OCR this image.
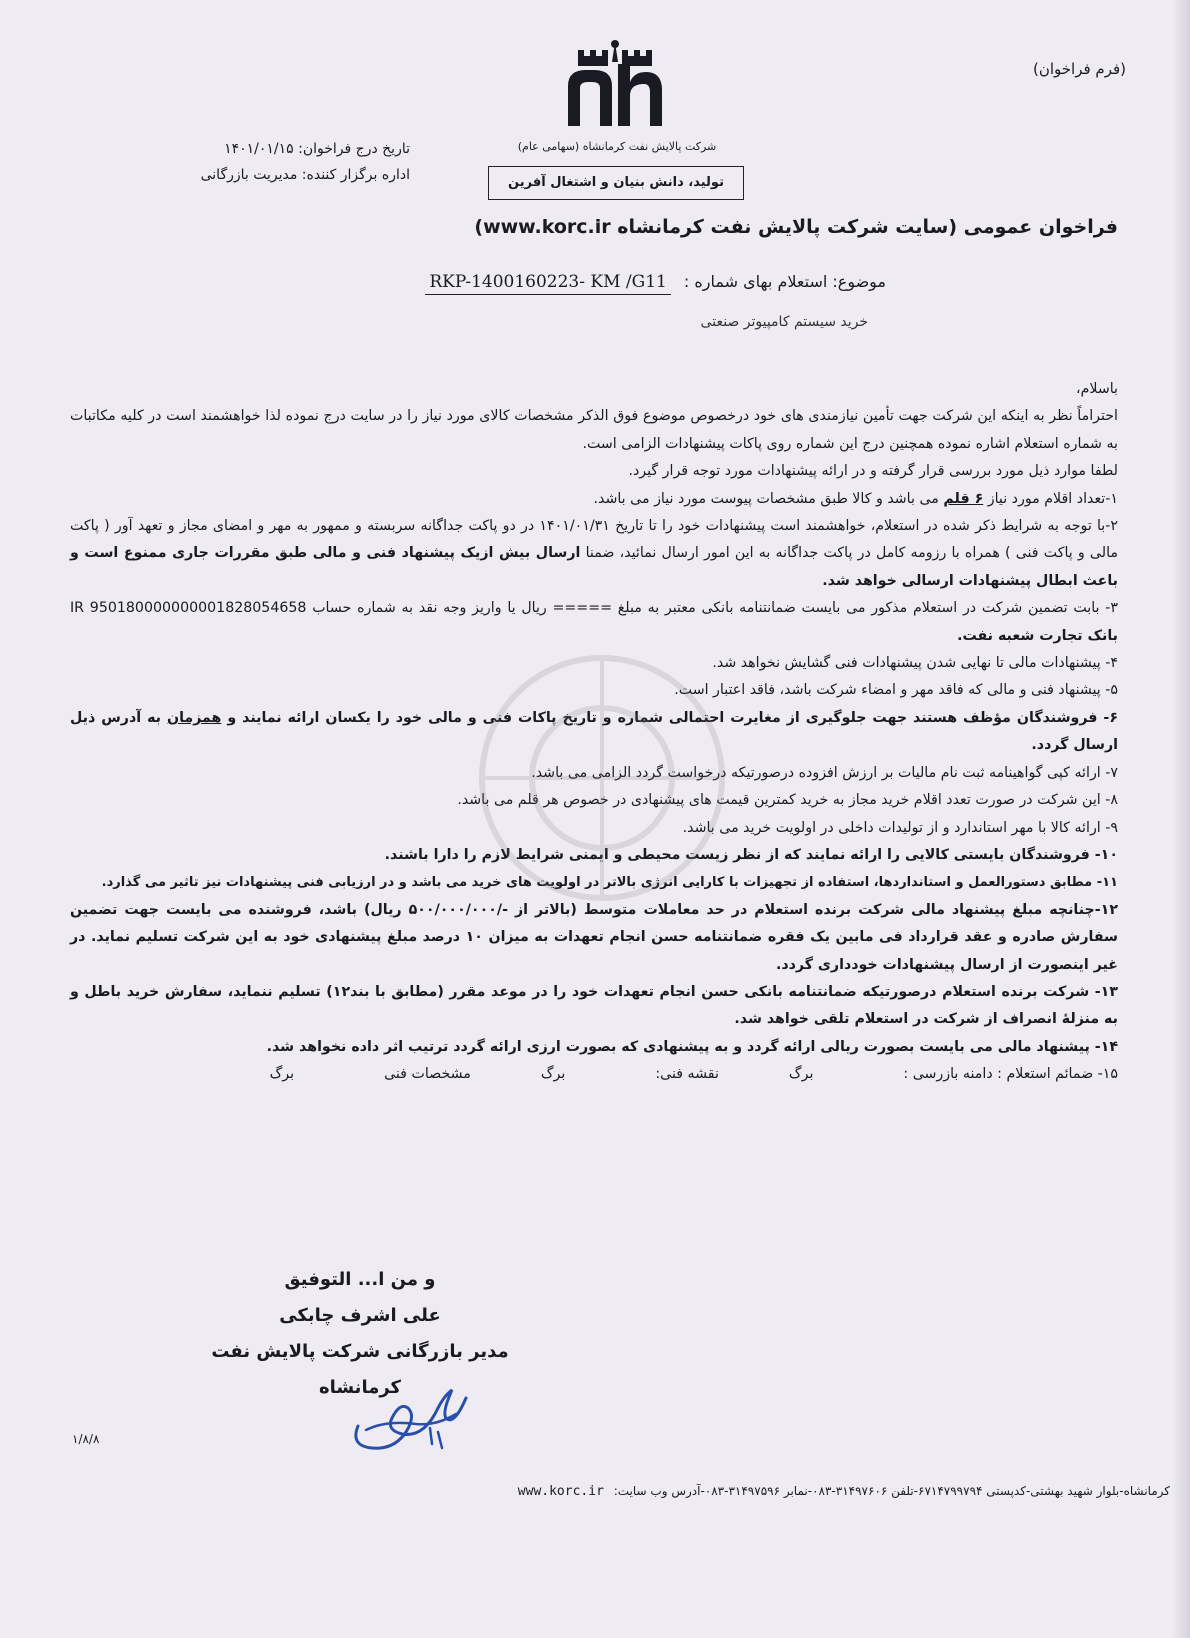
(فرم فراخوان)
شرکت پالایش نفت کرمانشاه (سهامی عام)
تولید، دانش بنیان و اشتغال آفرین
تاریخ درج فراخوان: ۱۴۰۱/۰۱/۱۵
اداره برگزار کننده: مدیریت بازرگانی
فراخوان عمومی (سایت شرکت پالایش نفت کرمانشاه www.korc.ir)
موضوع: استعلام بهای شماره : RKP-1400160223- KM /G11
خرید سیستم کامپیوتر صنعتی

باسلام،

احتراماً نظر به اینکه این شرکت جهت تأمین نیازمندی های خود درخصوص موضوع فوق الذکر مشخصات کالای مورد نیاز را در سایت درج نموده لذا خواهشمند است در کلیه مکاتبات به شماره استعلام اشاره نموده همچنین درج این شماره روی پاکات پیشنهادات الزامی است.

لطفا موارد ذیل مورد بررسی قرار گرفته و در ارائه پیشنهادات مورد توجه قرار گیرد.

۱-تعداد اقلام مورد نیاز ۶ قلم می باشد و کالا طبق مشخصات پیوست مورد نیاز می باشد.

۲-با توجه به شرایط ذکر شده در استعلام، خواهشمند است پیشنهادات خود را تا تاریخ ۱۴۰۱/۰۱/۳۱ در دو پاکت جداگانه سربسته و ممهور به مهر و امضای مجاز و تعهد آور ( پاکت مالی و پاکت فنی ) همراه با رزومه کامل در پاکت جداگانه به این امور ارسال نمائید، ضمنا ارسال بیش ازیک پیشنهاد فنی و مالی طبق مقررات جاری ممنوع است و باعث ابطال پیشنهادات ارسالی خواهد شد.

۳- بابت تضمین شرکت در استعلام مذکور می بایست ضمانتنامه بانکی معتبر به مبلغ ===== ریال یا واریز وجه نقد به شماره حساب IR 950180000000001828054658 بانک تجارت شعبه نفت.

۴- پیشنهادات مالی تا نهایی شدن پیشنهادات فنی گشایش نخواهد شد.

۵- پیشنهاد فنی و مالی که فاقد مهر و امضاء شرکت باشد، فاقد اعتبار است.

۶- فروشندگان مؤظف هستند جهت جلوگیری از مغایرت احتمالی شماره و تاریخ پاکات فنی و مالی خود را یکسان ارائه نمایند و همزمان به آدرس ذیل ارسال گردد.

۷- ارائه کپی گواهینامه ثبت نام مالیات بر ارزش افزوده درصورتیکه درخواست گردد الزامی می باشد.

۸- این شرکت در صورت تعدد اقلام خرید مجاز به خرید کمترین قیمت های پیشنهادی در خصوص هر قلم می باشد.

۹- ارائه کالا با مهر استاندارد و از تولیدات داخلی در اولویت خرید می باشد.

۱۰- فروشندگان بایستی کالایی را ارائه نمایند که از نظر زیست محیطی و ایمنی شرایط لازم را دارا باشند.

۱۱- مطابق دستورالعمل و استانداردها، استفاده از تجهیزات با کارایی انرژی بالاتر در اولویت های خرید می باشد و در ارزیابی فنی پیشنهادات نیز تاثیر می گذارد.

۱۲-چنانچه مبلغ پیشنهاد مالی شرکت برنده استعلام در حد معاملات متوسط (بالاتر از -/۵۰۰/۰۰۰/۰۰۰ ریال) باشد، فروشنده می بایست جهت تضمین سفارش صادره و عقد قرارداد فی مابین یک فقره ضمانتنامه حسن انجام تعهدات به میزان ۱۰ درصد مبلغ پیشنهادی خود به این شرکت تسلیم نماید. در غیر اینصورت از ارسال پیشنهادات خودداری گردد.

۱۳- شرکت برنده استعلام درصورتیکه ضمانتنامه بانکی حسن انجام تعهدات خود را در موعد مقرر (مطابق با بند۱۲) تسلیم ننماید، سفارش خرید باطل و به منزلۀ انصراف از شرکت در استعلام تلقی خواهد شد.

۱۴- پیشنهاد مالی می بایست بصورت ریالی ارائه گردد و به پیشنهادی که بصورت ارزی ارائه گردد ترتیب اثر داده نخواهد شد.

۱۵- ضمائم استعلام : دامنه بازرسی :
برگ
نقشه فنی:
برگ
مشخصات فنی
برگ

و من ا... التوفیق
علی اشرف چابکی
مدیر بازرگانی شرکت پالایش نفت کرمانشاه
۱/۸/۸
کرمانشاه-بلوار شهید بهشتی-کدپستی ۶۷۱۴۷۹۹۷۹۴-تلفن ۳۱۴۹۷۶۰۶-۰۸۳-نمابر ۳۱۴۹۷۵۹۶-۰۸۳-آدرس وب سایت: www.korc.ir
